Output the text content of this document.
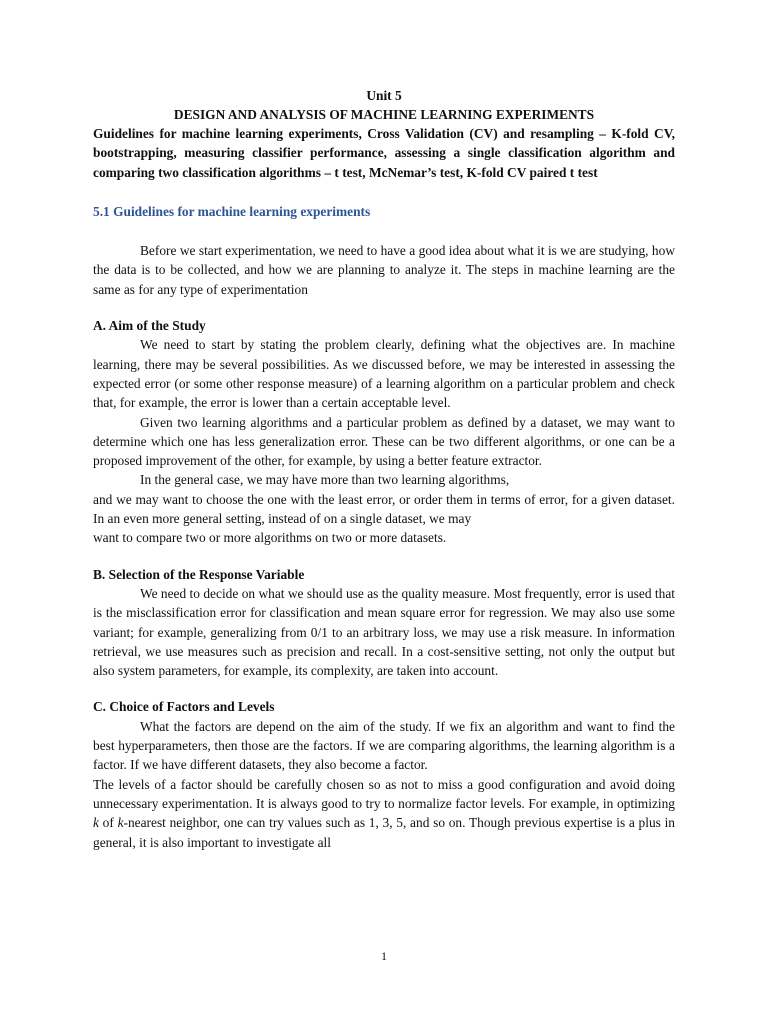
Unit 5

DESIGN AND ANALYSIS OF MACHINE LEARNING EXPERIMENTS

Guidelines for machine learning experiments, Cross Validation (CV) and resampling – K-fold CV, bootstrapping, measuring classifier performance, assessing a single classification algorithm and comparing two classification algorithms – t test, McNemar’s test, K-fold CV paired t test

5.1 Guidelines for machine learning experiments

Before we start experimentation, we need to have a good idea about what it is we are studying, how the data is to be collected, and how we are planning to analyze it. The steps in machine learning are the same as for any type of experimentation

A. Aim of the Study

We need to start by stating the problem clearly, defining what the objectives are. In machine learning, there may be several possibilities. As we discussed before, we may be interested in assessing the expected error (or some other response measure) of a learning algorithm on a particular problem and check that, for example, the error is lower than a certain acceptable level.

Given two learning algorithms and a particular problem as defined by a dataset, we may want to determine which one has less generalization error. These can be two different algorithms, or one can be a proposed improvement of the other, for example, by using a better feature extractor.

In the general case, we may have more than two learning algorithms,

and we may want to choose the one with the least error, or order them in terms of error, for a given dataset. In an even more general setting, instead of on a single dataset, we may

want to compare two or more algorithms on two or more datasets.

B. Selection of the Response Variable

We need to decide on what we should use as the quality measure. Most frequently, error is used that is the misclassification error for classification and mean square error for regression. We may also use some variant; for example, generalizing from 0/1 to an arbitrary loss, we may use a risk measure. In information retrieval, we use measures such as precision and recall. In a cost-sensitive setting, not only the output but also system parameters, for example, its complexity, are taken into account.

C. Choice of Factors and Levels

What the factors are depend on the aim of the study. If we fix an algorithm and want to find the best hyperparameters, then those are the factors. If we are comparing algorithms, the learning algorithm is a factor. If we have different datasets, they also become a factor.

The levels of a factor should be carefully chosen so as not to miss a good configuration and avoid doing unnecessary experimentation. It is always good to try to normalize factor levels. For example, in optimizing k of k-nearest neighbor, one can try values such as 1, 3, 5, and so on. Though previous expertise is a plus in general, it is also important to investigate all

1
